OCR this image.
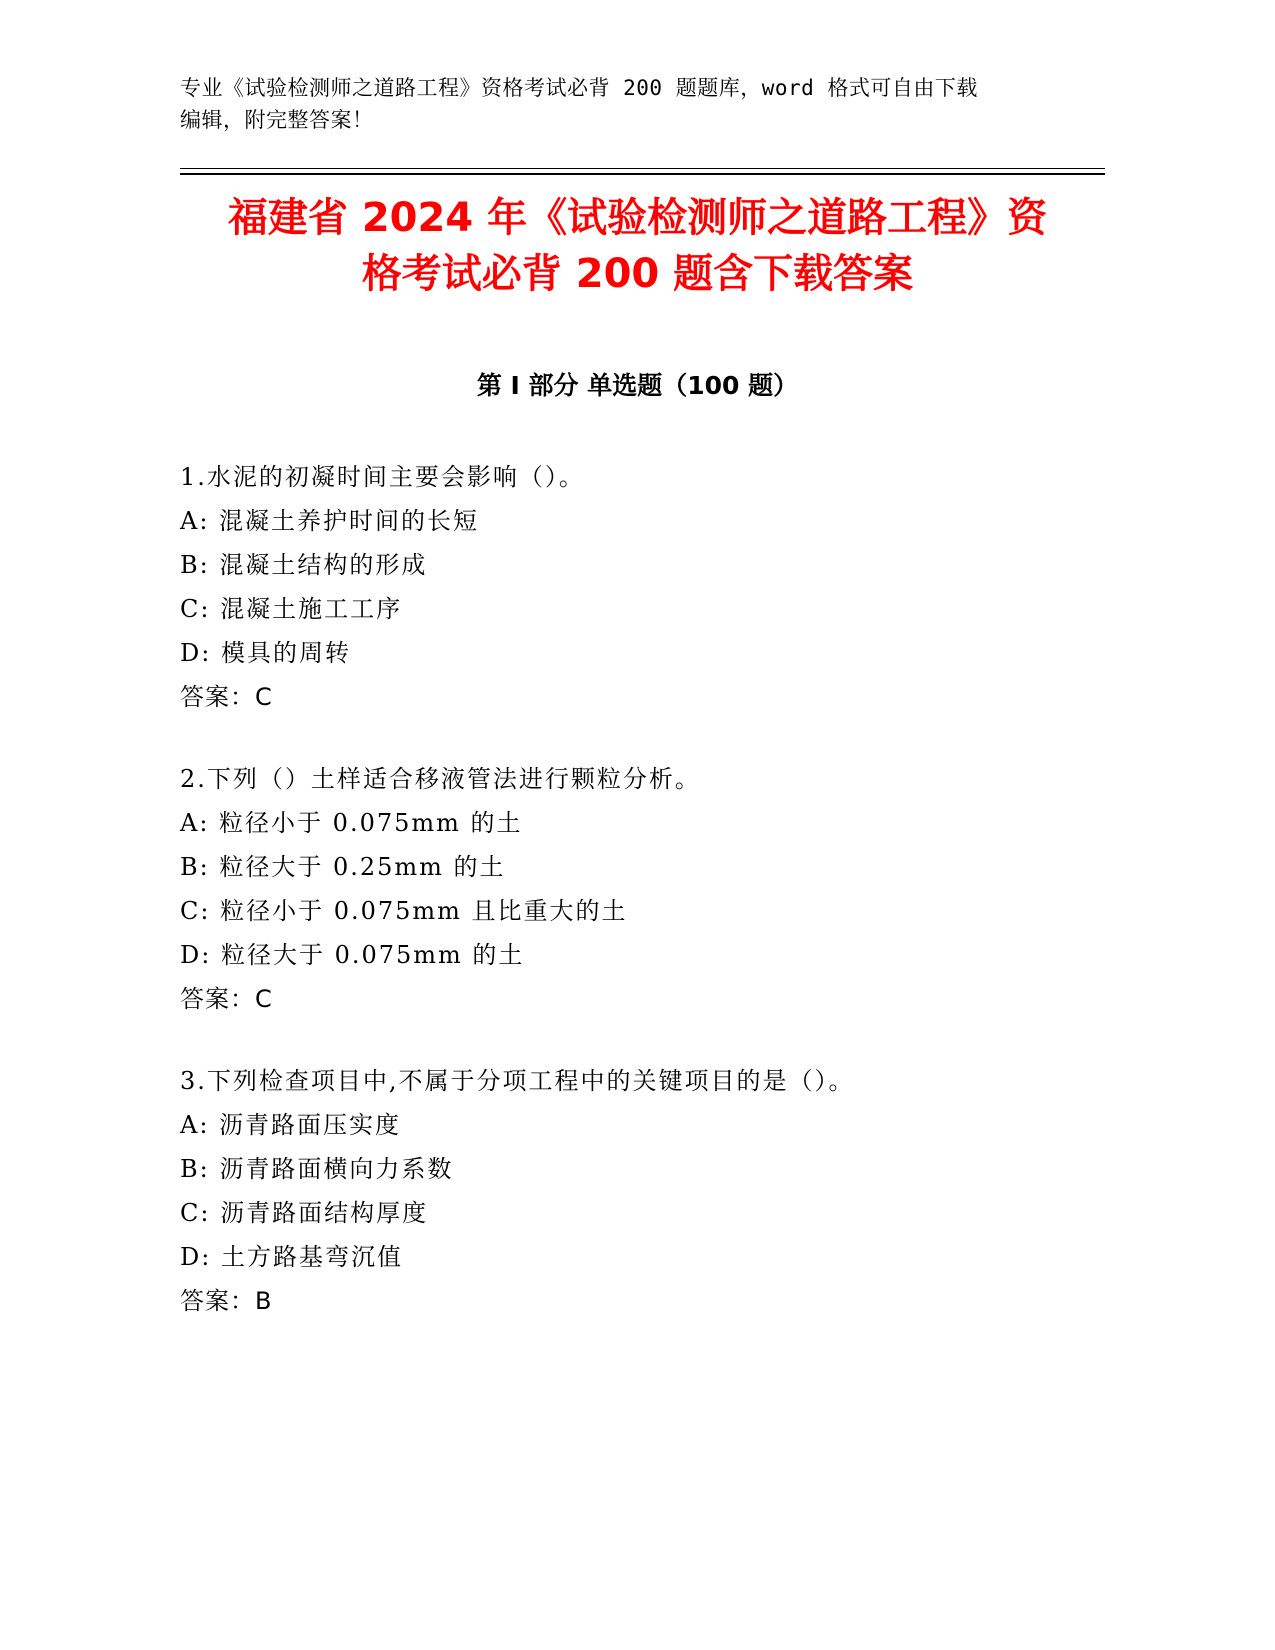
专业《试验检测师之道路工程》资格考试必背 200 题题库，word 格式可自由下载
编辑，附完整答案！
福建省 2024 年《试验检测师之道路工程》资
格考试必背 200 题含下载答案
第 I 部分 单选题（100 题）
1.水泥的初凝时间主要会影响（）。
A: 混凝土养护时间的长短
B: 混凝土结构的形成
C: 混凝土施工工序
D: 模具的周转
答案：C
2.下列（）土样适合移液管法进行颗粒分析。
A: 粒径小于 0.075mm 的土
B: 粒径大于 0.25mm 的土
C: 粒径小于 0.075mm 且比重大的土
D: 粒径大于 0.075mm 的土
答案：C
3.下列检查项目中,不属于分项工程中的关键项目的是（）。
A: 沥青路面压实度
B: 沥青路面横向力系数
C: 沥青路面结构厚度
D: 土方路基弯沉值
答案：B
